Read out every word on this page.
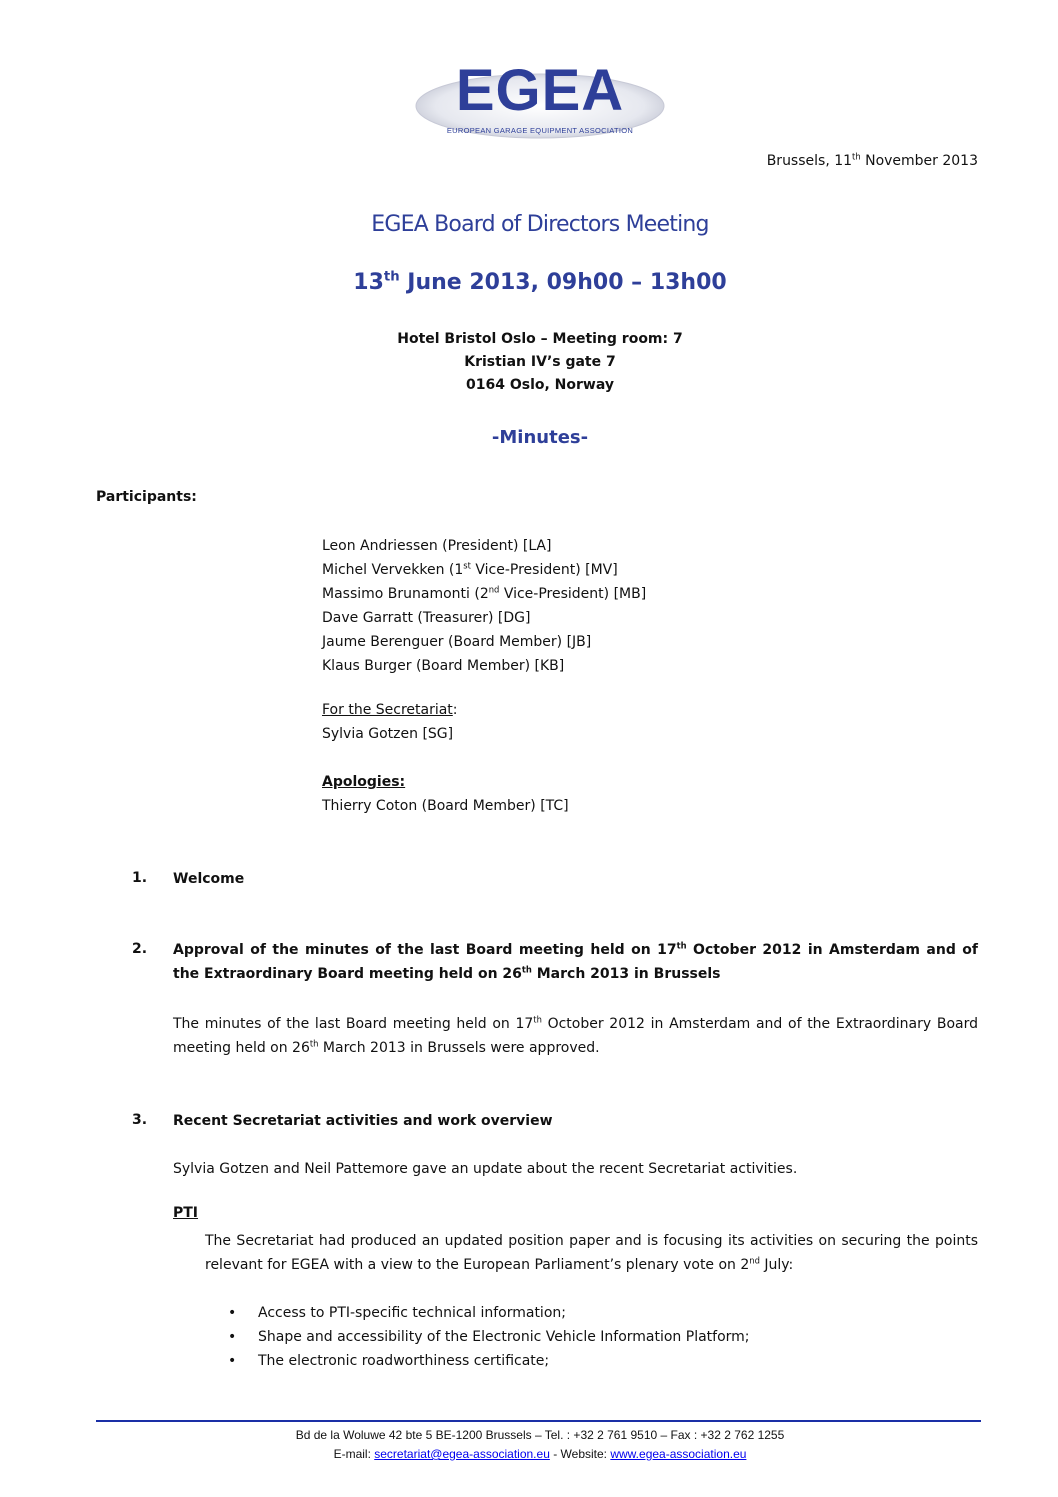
EGEA
EUROPEAN GARAGE EQUIPMENT ASSOCIATION
Brussels, 11th November 2013
EGEA Board of Directors Meeting
13th June 2013, 09h00 – 13h00
Hotel Bristol Oslo – Meeting room: 7
Kristian IV’s gate 7
0164 Oslo, Norway
-Minutes-
Participants:
Leon Andriessen (President) [LA]
Michel Vervekken (1st Vice-President) [MV]
Massimo Brunamonti (2nd Vice-President) [MB]
Dave Garratt (Treasurer) [DG]
Jaume Berenguer (Board Member) [JB]
Klaus Burger (Board Member) [KB]
For the Secretariat:
Sylvia Gotzen [SG]
Apologies:
Thierry Coton (Board Member) [TC]
1. Welcome
2. Approval of the minutes of the last Board meeting held on 17th October 2012 in Amsterdam and of the Extraordinary Board meeting held on 26th March 2013 in Brussels
The minutes of the last Board meeting held on 17th October 2012 in Amsterdam and of the Extraordinary Board meeting held on 26th March 2013 in Brussels were approved.
3. Recent Secretariat activities and work overview
Sylvia Gotzen and Neil Pattemore gave an update about the recent Secretariat activities.
PTI
The Secretariat had produced an updated position paper and is focusing its activities on securing the points relevant for EGEA with a view to the European Parliament’s plenary vote on 2nd July:
• Access to PTI-specific technical information;
• Shape and accessibility of the Electronic Vehicle Information Platform;
• The electronic roadworthiness certificate;
Bd de la Woluwe 42 bte 5 BE-1200 Brussels – Tel. : +32 2 761 9510 – Fax : +32 2 762 1255
E-mail: secretariat@egea-association.eu - Website: www.egea-association.eu
